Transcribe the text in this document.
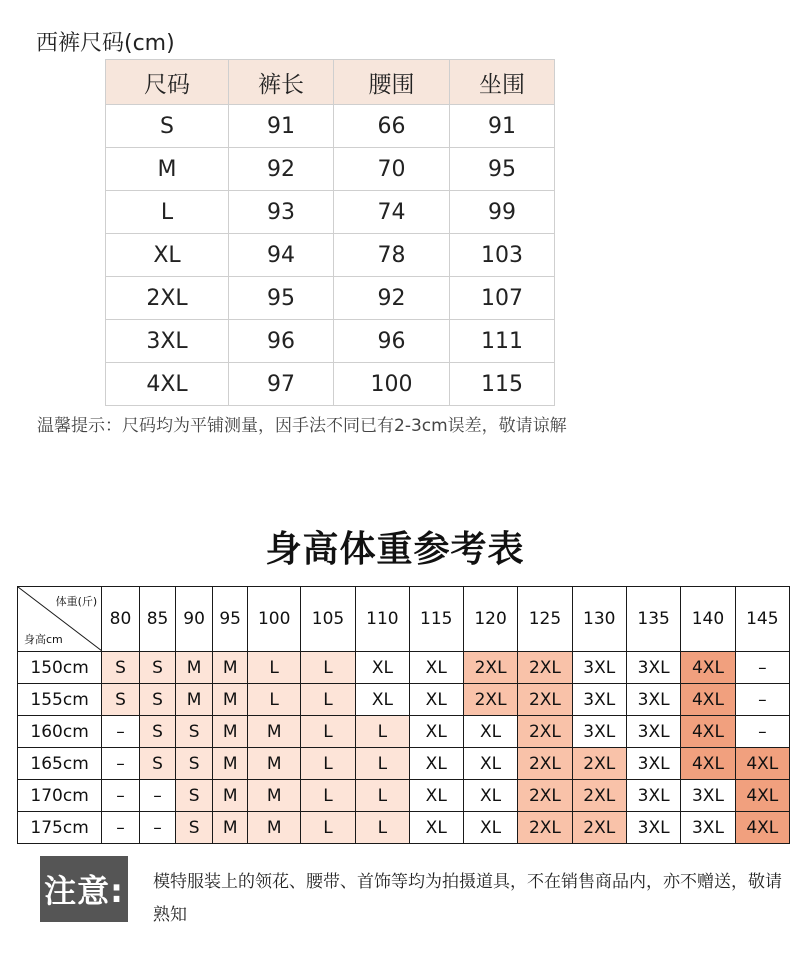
西裤尺码(cm)
尺码	裤长	腰围	坐围
S	91	66	91
M	92	70	95
L	93	74	99
XL	94	78	103
2XL	95	92	107
3XL	96	96	111
4XL	97	100	115
温馨提示：尺码均为平铺测量，因手法不同已有2-3cm误差，敬请谅解
身高体重参考表
体重(斤)
身高cm	80	85	90	95	100	105	110	115	120	125	130	135	140	145
150cm	S	S	M	M	L	L	XL	XL	2XL	2XL	3XL	3XL	4XL	–
155cm	S	S	M	M	L	L	XL	XL	2XL	2XL	3XL	3XL	4XL	–
160cm	–	S	S	M	M	L	L	XL	XL	2XL	3XL	3XL	4XL	–
165cm	–	S	S	M	M	L	L	XL	XL	2XL	2XL	3XL	4XL	4XL
170cm	–	–	S	M	M	L	L	XL	XL	2XL	2XL	3XL	3XL	4XL
175cm	–	–	S	M	M	L	L	XL	XL	2XL	2XL	3XL	3XL	4XL
注意: 模特服装上的领花、腰带、首饰等均为拍摄道具，不在销售商品内，亦不赠送，敬请熟知
